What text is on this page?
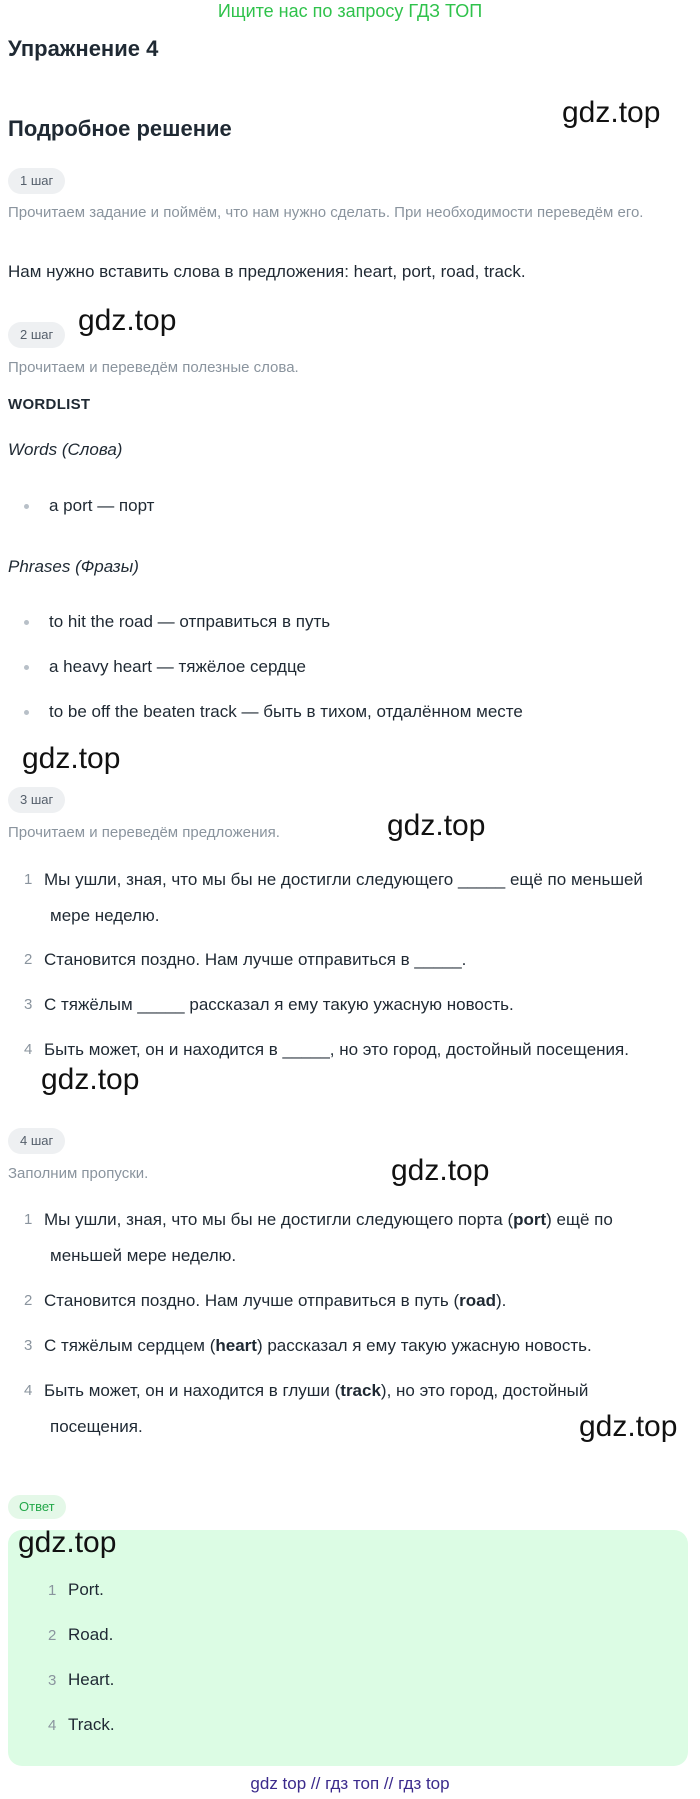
Ищите нас по запросу ГДЗ ТОП
Упражнение 4
Подробное решение	gdz.top
gdz.top
gdz.top
gdz.top
gdz.top
gdz.top
gdz.top
1 шаг
Прочитаем задание и поймём, что нам нужно сделать. При необходимости переведём его.
Нам нужно вставить слова в предложения: heart, port, road, track.
2 шаг
Прочитаем и переведём полезные слова.
WORDLIST
Words (Слова)
a port — порт
Phrases (Фразы)
to hit the road — отправиться в путь
a heavy heart — тяжёлое сердце
to be off the beaten track — быть в тихом, отдалённом месте
3 шаг
Прочитаем и переведём предложения.
1 Мы ушли, зная, что мы бы не достигли следующего _____ ещё по меньшей
мере неделю.
2 Становится поздно. Нам лучше отправиться в _____.
3 С тяжёлым _____ рассказал я ему такую ужасную новость.
4 Быть может, он и находится в _____, но это город, достойный посещения.
4 шаг
Заполним пропуски.
1 Мы ушли, зная, что мы бы не достигли следующего порта (port) ещё по
меньшей мере неделю.
2 Становится поздно. Нам лучше отправиться в путь (road).
3 С тяжёлым сердцем (heart) рассказал я ему такую ужасную новость.
4 Быть может, он и находится в глуши (track), но это город, достойный
посещения.
Ответ
gdz.top
1 Port.
2 Road.
3 Heart.
4 Track.
gdz top // гдз топ // гдз top
